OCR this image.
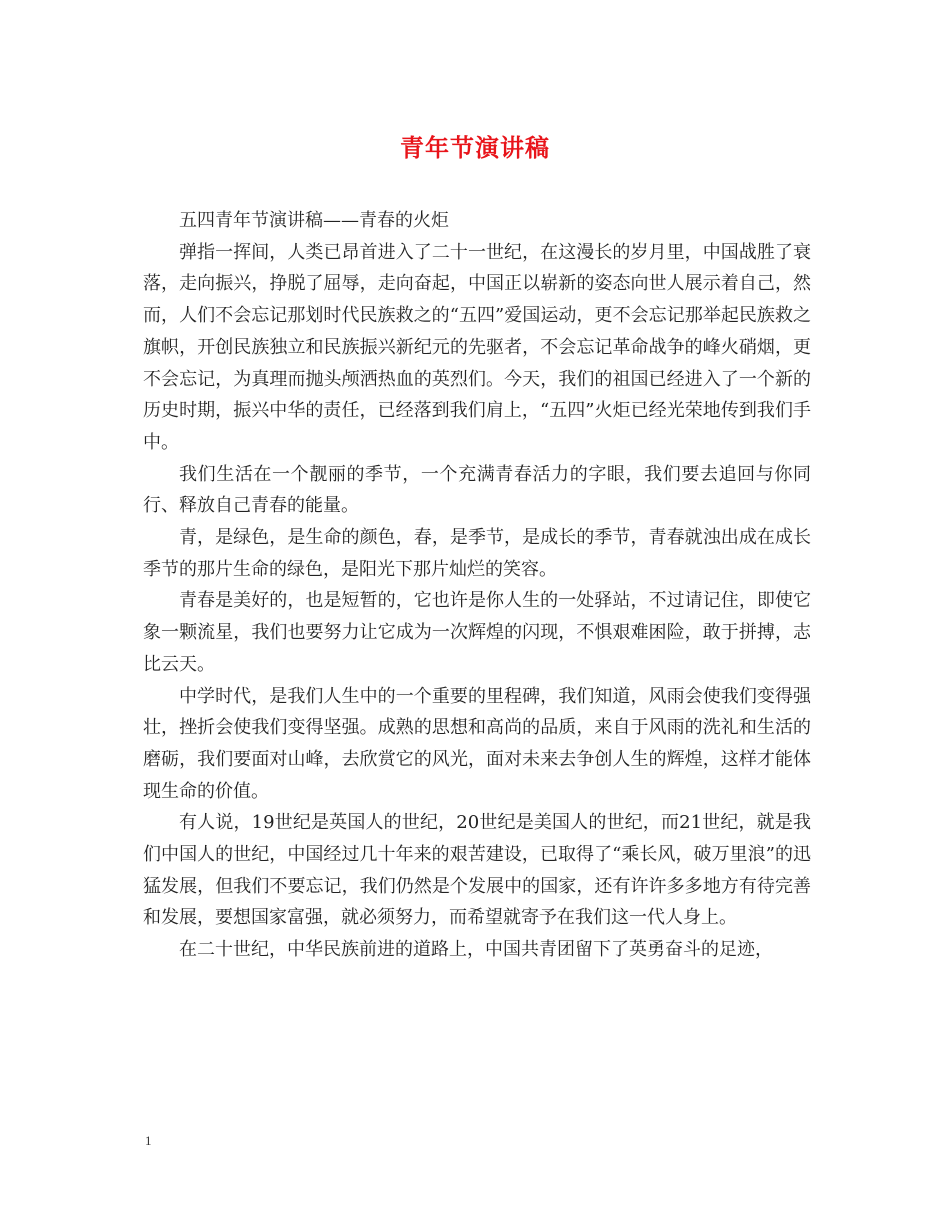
青年节演讲稿

五四青年节演讲稿——青春的火炬

弹指一挥间，人类已昂首进入了二十一世纪，在这漫长的岁月里，中国战胜了衰落，走向振兴，挣脱了屈辱，走向奋起，中国正以崭新的姿态向世人展示着自己，然而，人们不会忘记那划时代民族救之的“五四”爱国运动，更不会忘记那举起民族救之旗帜，开创民族独立和民族振兴新纪元的先驱者，不会忘记革命战争的峰火硝烟，更不会忘记，为真理而抛头颅洒热血的英烈们。今天，我们的祖国已经进入了一个新的历史时期，振兴中华的责任，已经落到我们肩上，“五四”火炬已经光荣地传到我们手中。

我们生活在一个靓丽的季节，一个充满青春活力的字眼，我们要去追回与你同行、释放自己青春的能量。

青，是绿色，是生命的颜色，春，是季节，是成长的季节，青春就浊出成在成长季节的那片生命的绿色，是阳光下那片灿烂的笑容。

青春是美好的，也是短暂的，它也许是你人生的一处驿站，不过请记住，即使它象一颗流星，我们也要努力让它成为一次辉煌的闪现，不惧艰难困险，敢于拼搏，志比云天。

中学时代，是我们人生中的一个重要的里程碑，我们知道，风雨会使我们变得强壮，挫折会使我们变得坚强。成熟的思想和高尚的品质，来自于风雨的洗礼和生活的磨砺，我们要面对山峰，去欣赏它的风光，面对未来去争创人生的辉煌，这样才能体现生命的价值。

有人说，19世纪是英国人的世纪，20世纪是美国人的世纪，而21世纪，就是我们中国人的世纪，中国经过几十年来的艰苦建设，已取得了“乘长风，破万里浪”的迅猛发展，但我们不要忘记，我们仍然是个发展中的国家，还有许许多多地方有待完善和发展，要想国家富强，就必须努力，而希望就寄予在我们这一代人身上。

在二十世纪，中华民族前进的道路上，中国共青团留下了英勇奋斗的足迹，

1
